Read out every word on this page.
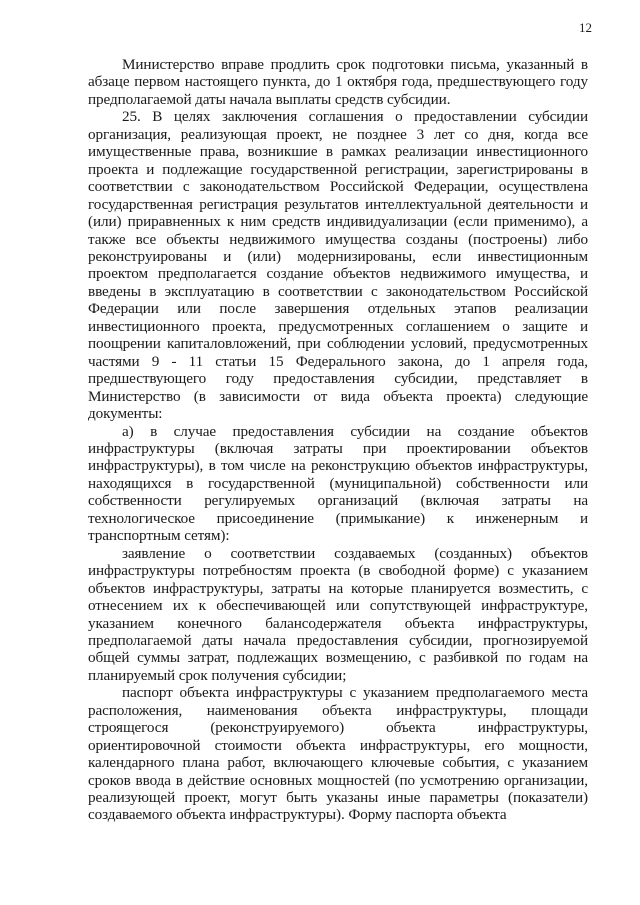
12

Министерство вправе продлить срок подготовки письма, указанный в абзаце первом настоящего пункта, до 1 октября года, предшествующего году предполагаемой даты начала выплаты средств субсидии.

25. В целях заключения соглашения о предоставлении субсидии организация, реализующая проект, не позднее 3 лет со дня, когда все имущественные права, возникшие в рамках реализации инвестиционного проекта и подлежащие государственной регистрации, зарегистрированы в соответствии с законодательством Российской Федерации, осуществлена государственная регистрация результатов интеллектуальной деятельности и (или) приравненных к ним средств индивидуализации (если применимо), а также все объекты недвижимого имущества созданы (построены) либо реконструированы и (или) модернизированы, если инвестиционным проектом предполагается создание объектов недвижимого имущества, и введены в эксплуатацию в соответствии с законодательством Российской Федерации или после завершения отдельных этапов реализации инвестиционного проекта, предусмотренных соглашением о защите и поощрении капиталовложений, при соблюдении условий, предусмотренных частями 9 - 11 статьи 15 Федерального закона, до 1 апреля года, предшествующего году предоставления субсидии, представляет в Министерство (в зависимости от вида объекта проекта) следующие документы:

а) в случае предоставления субсидии на создание объектов инфраструктуры (включая затраты при проектировании объектов инфраструктуры), в том числе на реконструкцию объектов инфраструктуры, находящихся в государственной (муниципальной) собственности или собственности регулируемых организаций (включая затраты на технологическое присоединение (примыкание) к инженерным и транспортным сетям):

заявление о соответствии создаваемых (созданных) объектов инфраструктуры потребностям проекта (в свободной форме) с указанием объектов инфраструктуры, затраты на которые планируется возместить, с отнесением их к обеспечивающей или сопутствующей инфраструктуре, указанием конечного балансодержателя объекта инфраструктуры, предполагаемой даты начала предоставления субсидии, прогнозируемой общей суммы затрат, подлежащих возмещению, с разбивкой по годам на планируемый срок получения субсидии;

паспорт объекта инфраструктуры с указанием предполагаемого места расположения, наименования объекта инфраструктуры, площади строящегося (реконструируемого) объекта инфраструктуры, ориентировочной стоимости объекта инфраструктуры, его мощности, календарного плана работ, включающего ключевые события, с указанием сроков ввода в действие основных мощностей (по усмотрению организации, реализующей проект, могут быть указаны иные параметры (показатели) создаваемого объекта инфраструктуры). Форму паспорта объекта
